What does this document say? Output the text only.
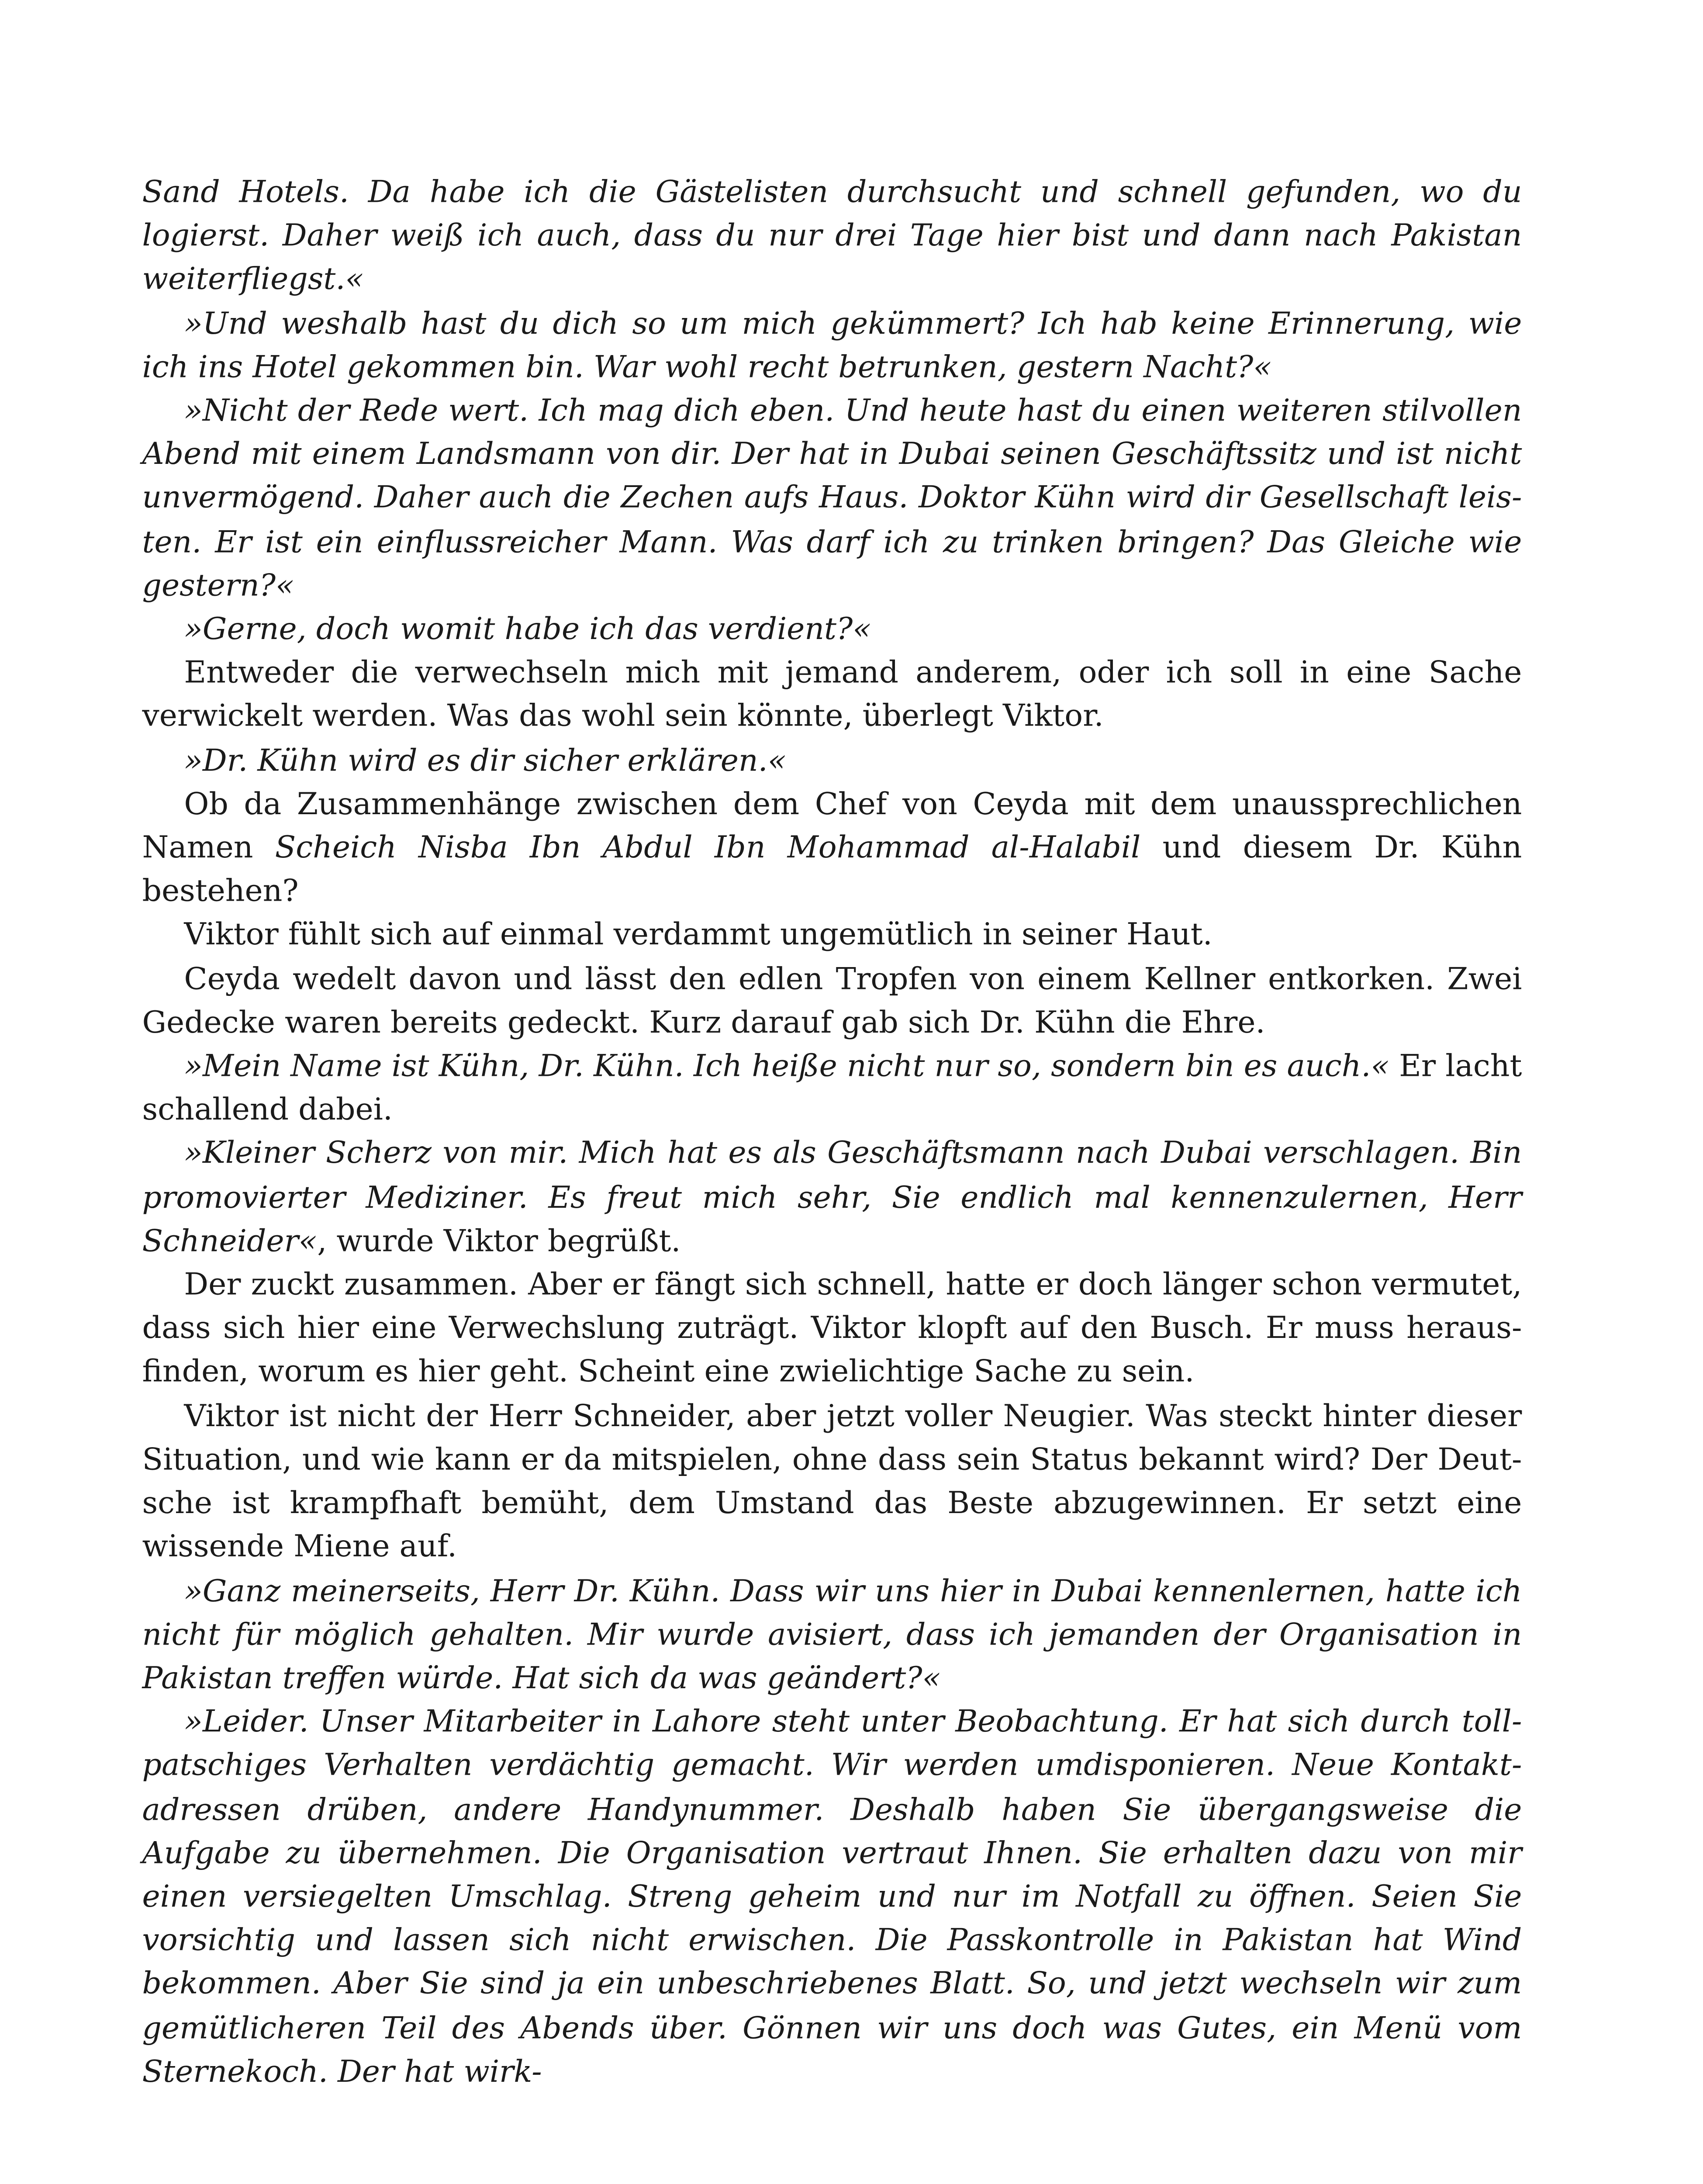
Sand Hotels. Da habe ich die Gästelisten durchsucht und schnell gefunden, wo du logierst. Daher weiß ich auch, dass du nur drei Tage hier bist und dann nach Pakistan weiterfliegst.«

»Und weshalb hast du dich so um mich gekümmert? Ich hab keine Erinnerung, wie ich ins Hotel gekommen bin. War wohl recht betrunken, gestern Nacht?«

»Nicht der Rede wert. Ich mag dich eben. Und heute hast du einen weiteren stilvollen Abend mit einem Landsmann von dir. Der hat in Dubai seinen Geschäftssitz und ist nicht unvermögend. Daher auch die Zechen aufs Haus. Doktor Kühn wird dir Gesellschaft leisten. Er ist ein einflussreicher Mann. Was darf ich zu trinken bringen? Das Gleiche wie gestern?«

»Gerne, doch womit habe ich das verdient?«

Entweder die verwechseln mich mit jemand anderem, oder ich soll in eine Sache verwickelt werden. Was das wohl sein könnte, überlegt Viktor.

»Dr. Kühn wird es dir sicher erklären.«

Ob da Zusammenhänge zwischen dem Chef von Ceyda mit dem unaussprechlichen Namen Scheich Nisba Ibn Abdul Ibn Mohammad al-Halabil und diesem Dr. Kühn bestehen?

Viktor fühlt sich auf einmal verdammt ungemütlich in seiner Haut.

Ceyda wedelt davon und lässt den edlen Tropfen von einem Kellner entkorken. Zwei Gedecke waren bereits gedeckt. Kurz darauf gab sich Dr. Kühn die Ehre.

»Mein Name ist Kühn, Dr. Kühn. Ich heiße nicht nur so, sondern bin es auch.« Er lacht schallend dabei.

»Kleiner Scherz von mir. Mich hat es als Geschäftsmann nach Dubai verschlagen. Bin promovierter Mediziner. Es freut mich sehr, Sie endlich mal kennenzulernen, Herr Schneider«, wurde Viktor begrüßt.

Der zuckt zusammen. Aber er fängt sich schnell, hatte er doch länger schon vermutet, dass sich hier eine Verwechslung zuträgt. Viktor klopft auf den Busch. Er muss herausfinden, worum es hier geht. Scheint eine zwielichtige Sache zu sein.

Viktor ist nicht der Herr Schneider, aber jetzt voller Neugier. Was steckt hinter dieser Situation, und wie kann er da mitspielen, ohne dass sein Status bekannt wird? Der Deutsche ist krampfhaft bemüht, dem Umstand das Beste abzugewinnen. Er setzt eine wissende Miene auf.

»Ganz meinerseits, Herr Dr. Kühn. Dass wir uns hier in Dubai kennenlernen, hatte ich nicht für möglich gehalten. Mir wurde avisiert, dass ich jemanden der Organisation in Pakistan treffen würde. Hat sich da was geändert?«

»Leider. Unser Mitarbeiter in Lahore steht unter Beobachtung. Er hat sich durch tollpatschiges Verhalten verdächtig gemacht. Wir werden umdisponieren. Neue Kontaktadressen drüben, andere Handynummer. Deshalb haben Sie übergangsweise die Aufgabe zu übernehmen. Die Organisation vertraut Ihnen. Sie erhalten dazu von mir einen versiegelten Umschlag. Streng geheim und nur im Notfall zu öffnen. Seien Sie vorsichtig und lassen sich nicht erwischen. Die Passkontrolle in Pakistan hat Wind bekommen. Aber Sie sind ja ein unbeschriebenes Blatt. So, und jetzt wechseln wir zum gemütlicheren Teil des Abends über. Gönnen wir uns doch was Gutes, ein Menü vom Sternekoch. Der hat wirk-
